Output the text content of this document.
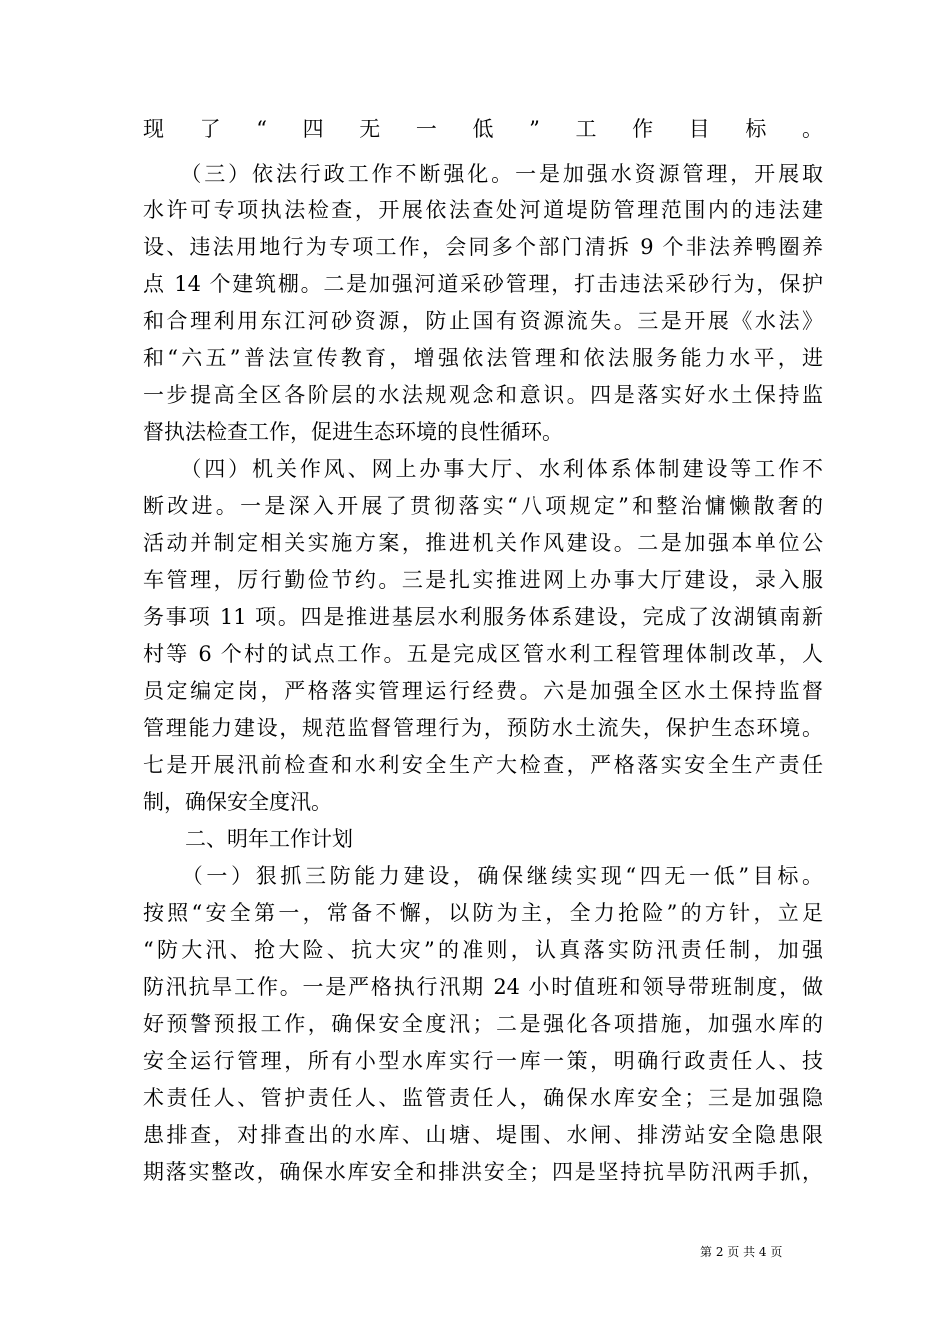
现了“四无一低”工作目标。
　　（三）依法行政工作不断强化。一是加强水资源管理，开展取
水许可专项执法检查，开展依法查处河道堤防管理范围内的违法建
设、违法用地行为专项工作，会同多个部门清拆 9 个非法养鸭圈养
点 14 个建筑棚。二是加强河道采砂管理，打击违法采砂行为，保护
和合理利用东江河砂资源，防止国有资源流失。三是开展《水法》
和“六五”普法宣传教育，增强依法管理和依法服务能力水平，进
一步提高全区各阶层的水法规观念和意识。四是落实好水土保持监
督执法检查工作，促进生态环境的良性循环。
　　（四）机关作风、网上办事大厅、水利体系体制建设等工作不
断改进。一是深入开展了贯彻落实“八项规定”和整治慵懒散奢的
活动并制定相关实施方案，推进机关作风建设。二是加强本单位公
车管理，厉行勤俭节约。三是扎实推进网上办事大厅建设，录入服
务事项 11 项。四是推进基层水利服务体系建设，完成了汝湖镇南新
村等 6 个村的试点工作。五是完成区管水利工程管理体制改革，人
员定编定岗，严格落实管理运行经费。六是加强全区水土保持监督
管理能力建设，规范监督管理行为，预防水土流失，保护生态环境。
七是开展汛前检查和水利安全生产大检查，严格落实安全生产责任
制，确保安全度汛。
　　二、明年工作计划
　　（一）狠抓三防能力建设，确保继续实现“四无一低”目标。
按照“安全第一，常备不懈，以防为主，全力抢险”的方针，立足
“防大汛、抢大险、抗大灾”的准则，认真落实防汛责任制，加强
防汛抗旱工作。一是严格执行汛期 24 小时值班和领导带班制度，做
好预警预报工作，确保安全度汛；二是强化各项措施，加强水库的
安全运行管理，所有小型水库实行一库一策，明确行政责任人、技
术责任人、管护责任人、监管责任人，确保水库安全；三是加强隐
患排查，对排查出的水库、山塘、堤围、水闸、排涝站安全隐患限
期落实整改，确保水库安全和排洪安全；四是坚持抗旱防汛两手抓，
第 2 页 共 4 页
